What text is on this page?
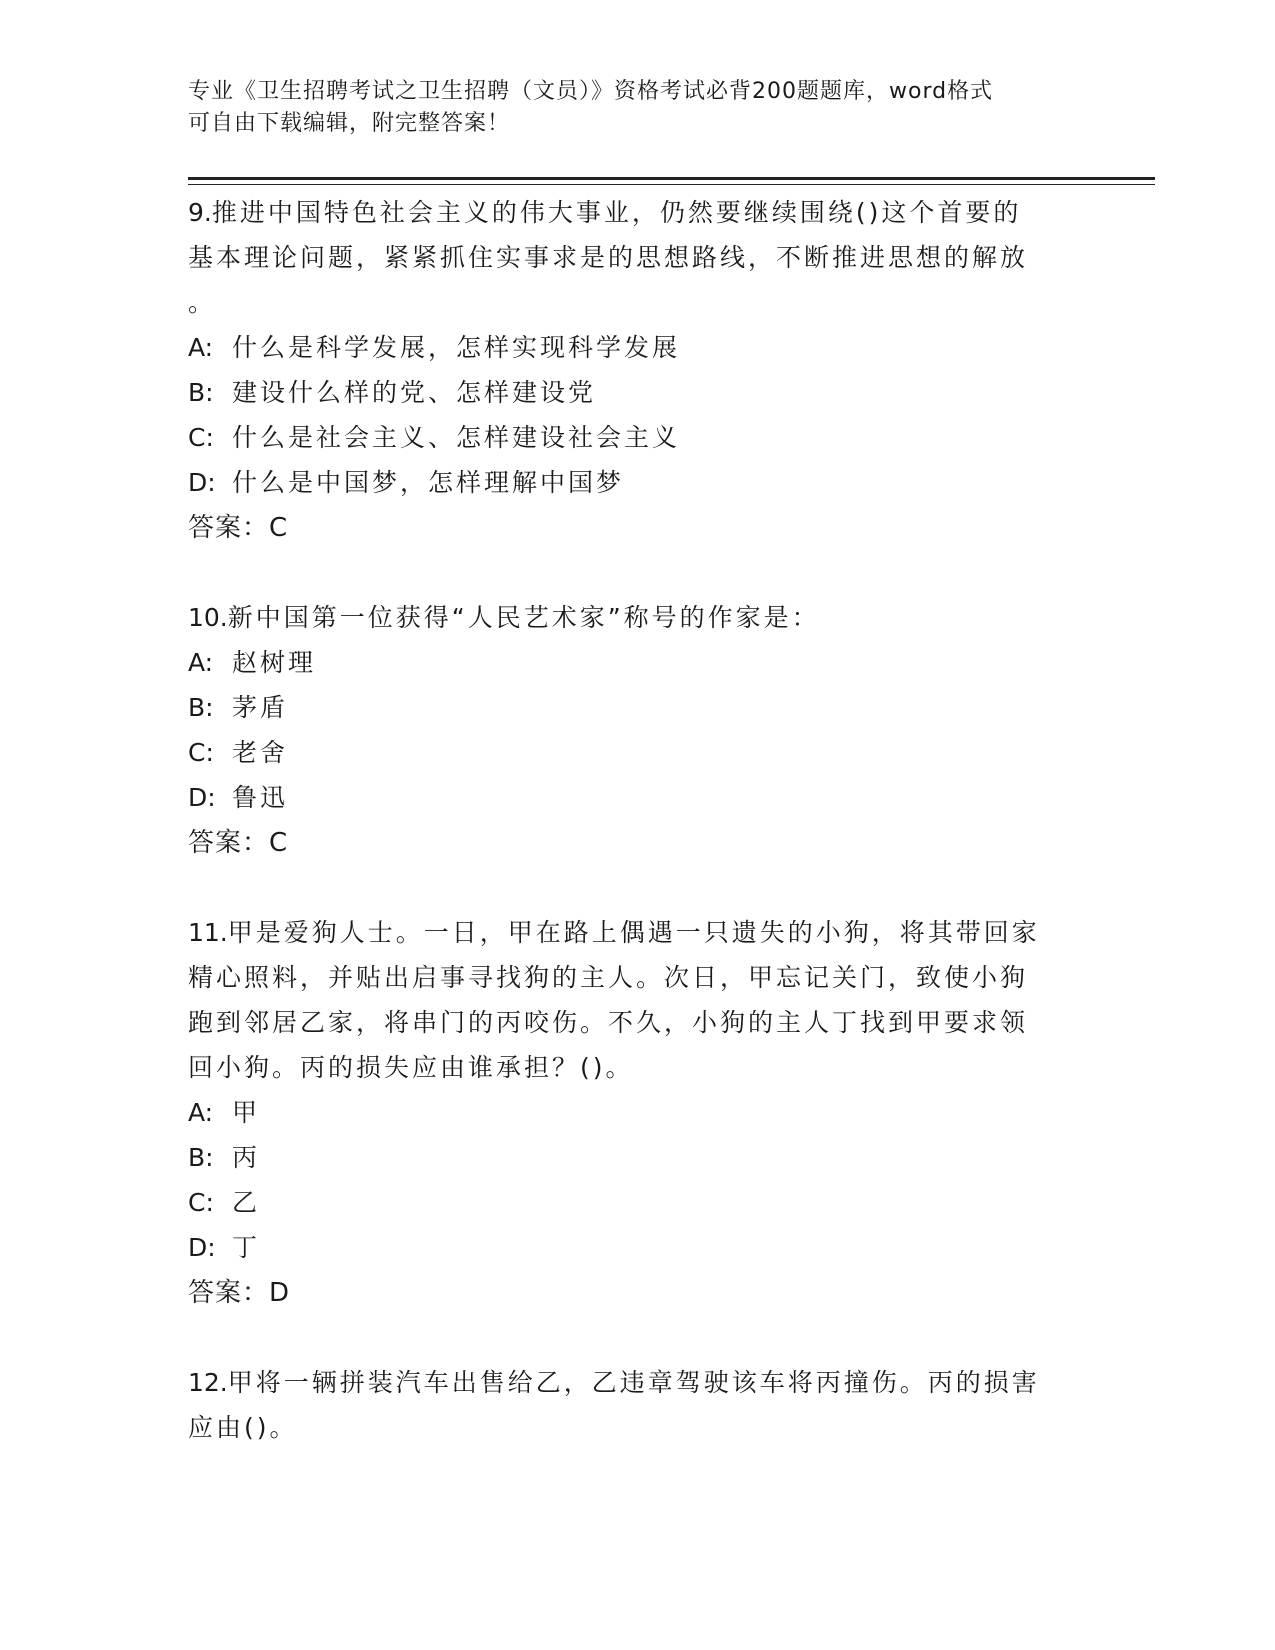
专业《卫生招聘考试之卫生招聘（文员）》资格考试必背200题题库，word格式
可自由下载编辑，附完整答案！
9.推进中国特色社会主义的伟大事业，仍然要继续围绕()这个首要的
基本理论问题，紧紧抓住实事求是的思想路线，不断推进思想的解放
。
A: 什么是科学发展，怎样实现科学发展
B: 建设什么样的党、怎样建设党
C: 什么是社会主义、怎样建设社会主义
D: 什么是中国梦，怎样理解中国梦
答案：C
10.新中国第一位获得“人民艺术家”称号的作家是：
A: 赵树理
B: 茅盾
C: 老舍
D: 鲁迅
答案：C
11.甲是爱狗人士。一日，甲在路上偶遇一只遗失的小狗，将其带回家
精心照料，并贴出启事寻找狗的主人。次日，甲忘记关门，致使小狗
跑到邻居乙家，将串门的丙咬伤。不久，小狗的主人丁找到甲要求领
回小狗。丙的损失应由谁承担？()。
A: 甲
B: 丙
C: 乙
D: 丁
答案：D
12.甲将一辆拼装汽车出售给乙，乙违章驾驶该车将丙撞伤。丙的损害
应由()。
